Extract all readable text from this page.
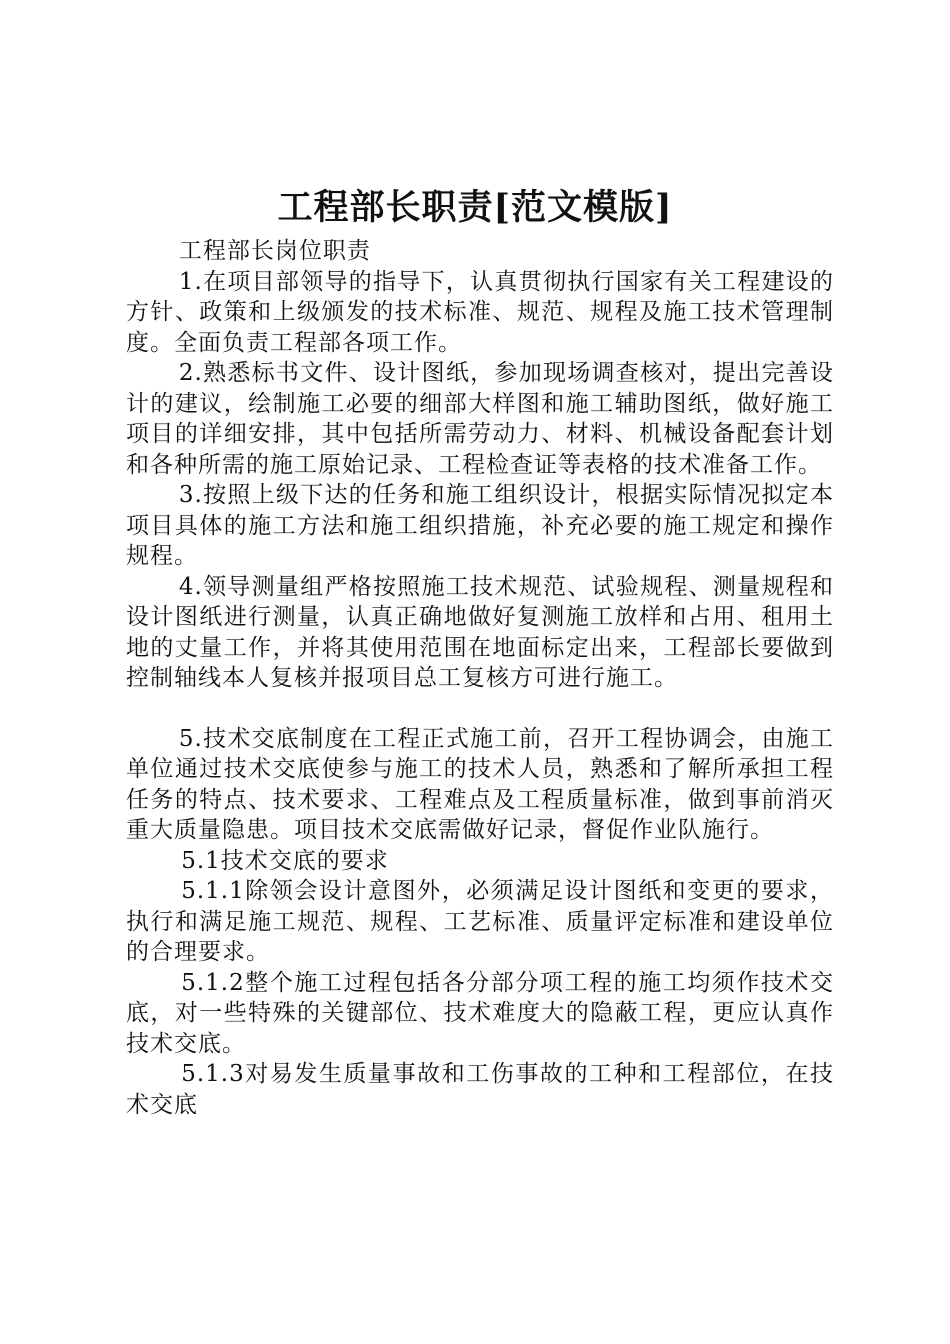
工程部长职责[范文模版]

工程部长岗位职责

1.在项目部领导的指导下，认真贯彻执行国家有关工程建设的方针、政策和上级颁发的技术标准、规范、规程及施工技术管理制度。全面负责工程部各项工作。

2.熟悉标书文件、设计图纸，参加现场调查核对，提出完善设计的建议，绘制施工必要的细部大样图和施工辅助图纸，做好施工项目的详细安排，其中包括所需劳动力、材料、机械设备配套计划和各种所需的施工原始记录、工程检查证等表格的技术准备工作。

3.按照上级下达的任务和施工组织设计，根据实际情况拟定本项目具体的施工方法和施工组织措施，补充必要的施工规定和操作规程。

4.领导测量组严格按照施工技术规范、试验规程、测量规程和设计图纸进行测量，认真正确地做好复测施工放样和占用、租用土地的丈量工作，并将其使用范围在地面标定出来，工程部长要做到控制轴线本人复核并报项目总工复核方可进行施工。

5.技术交底制度在工程正式施工前，召开工程协调会，由施工单位通过技术交底使参与施工的技术人员，熟悉和了解所承担工程任务的特点、技术要求、工程难点及工程质量标准，做到事前消灭重大质量隐患。项目技术交底需做好记录，督促作业队施行。

5.1技术交底的要求

5.1.1除领会设计意图外，必须满足设计图纸和变更的要求，执行和满足施工规范、规程、工艺标准、质量评定标准和建设单位的合理要求。

5.1.2整个施工过程包括各分部分项工程的施工均须作技术交底，对一些特殊的关键部位、技术难度大的隐蔽工程，更应认真作技术交底。

5.1.3对易发生质量事故和工伤事故的工种和工程部位，在技术交底
